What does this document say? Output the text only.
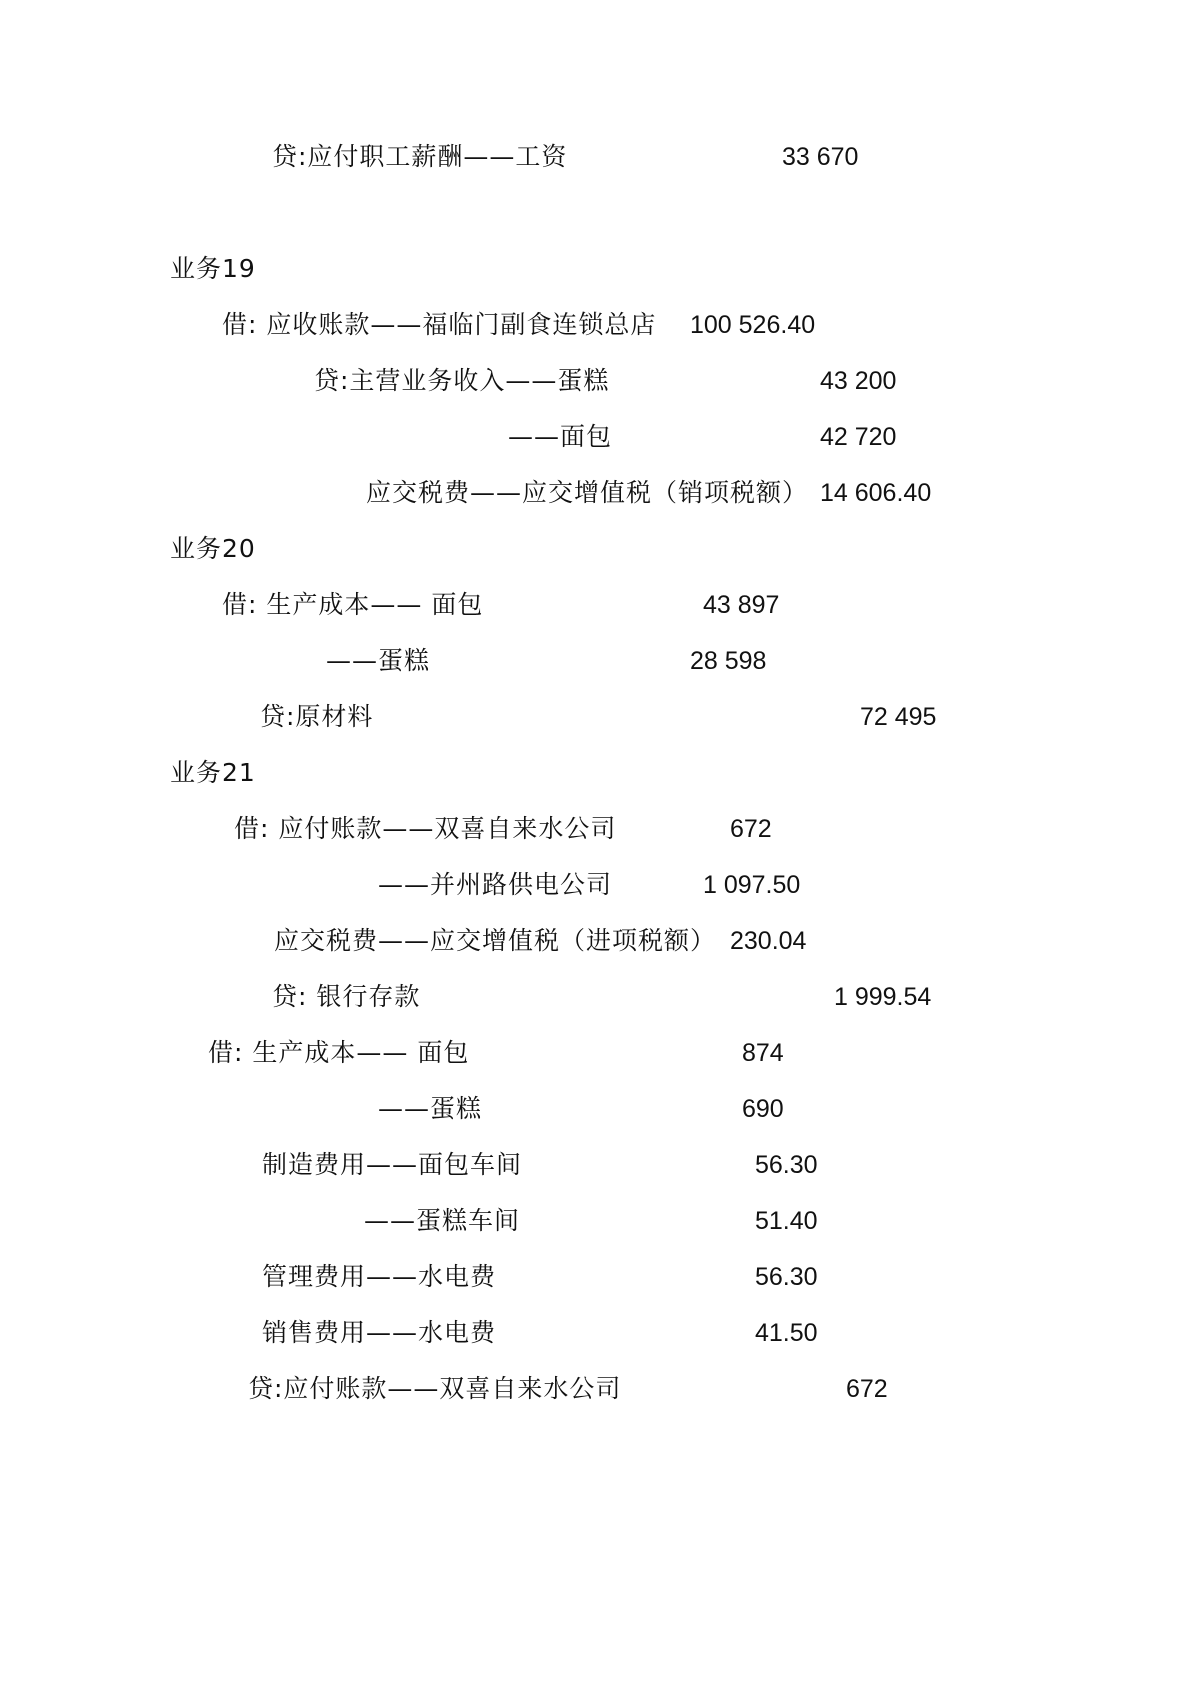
贷:应付职工薪酬——工资	33 670
业务19
借: 应收账款——福临门副食连锁总店 100 526.40
贷:主营业务收入——蛋糕	43 200
——面包	42 720
应交税费——应交增值税（销项税额） 14 606.40
业务20
借: 生产成本—— 面包	43 897
——蛋糕	28 598
贷:原材料	72 495
业务21
借: 应付账款——双喜自来水公司	672
——并州路供电公司	1 097.50
应交税费——应交增值税（进项税额） 230.04
贷: 银行存款	1 999.54
借: 生产成本—— 面包	874
——蛋糕	690
制造费用——面包车间	56.30
——蛋糕车间	51.40
管理费用——水电费	56.30
销售费用——水电费	41.50
贷:应付账款——双喜自来水公司	672
